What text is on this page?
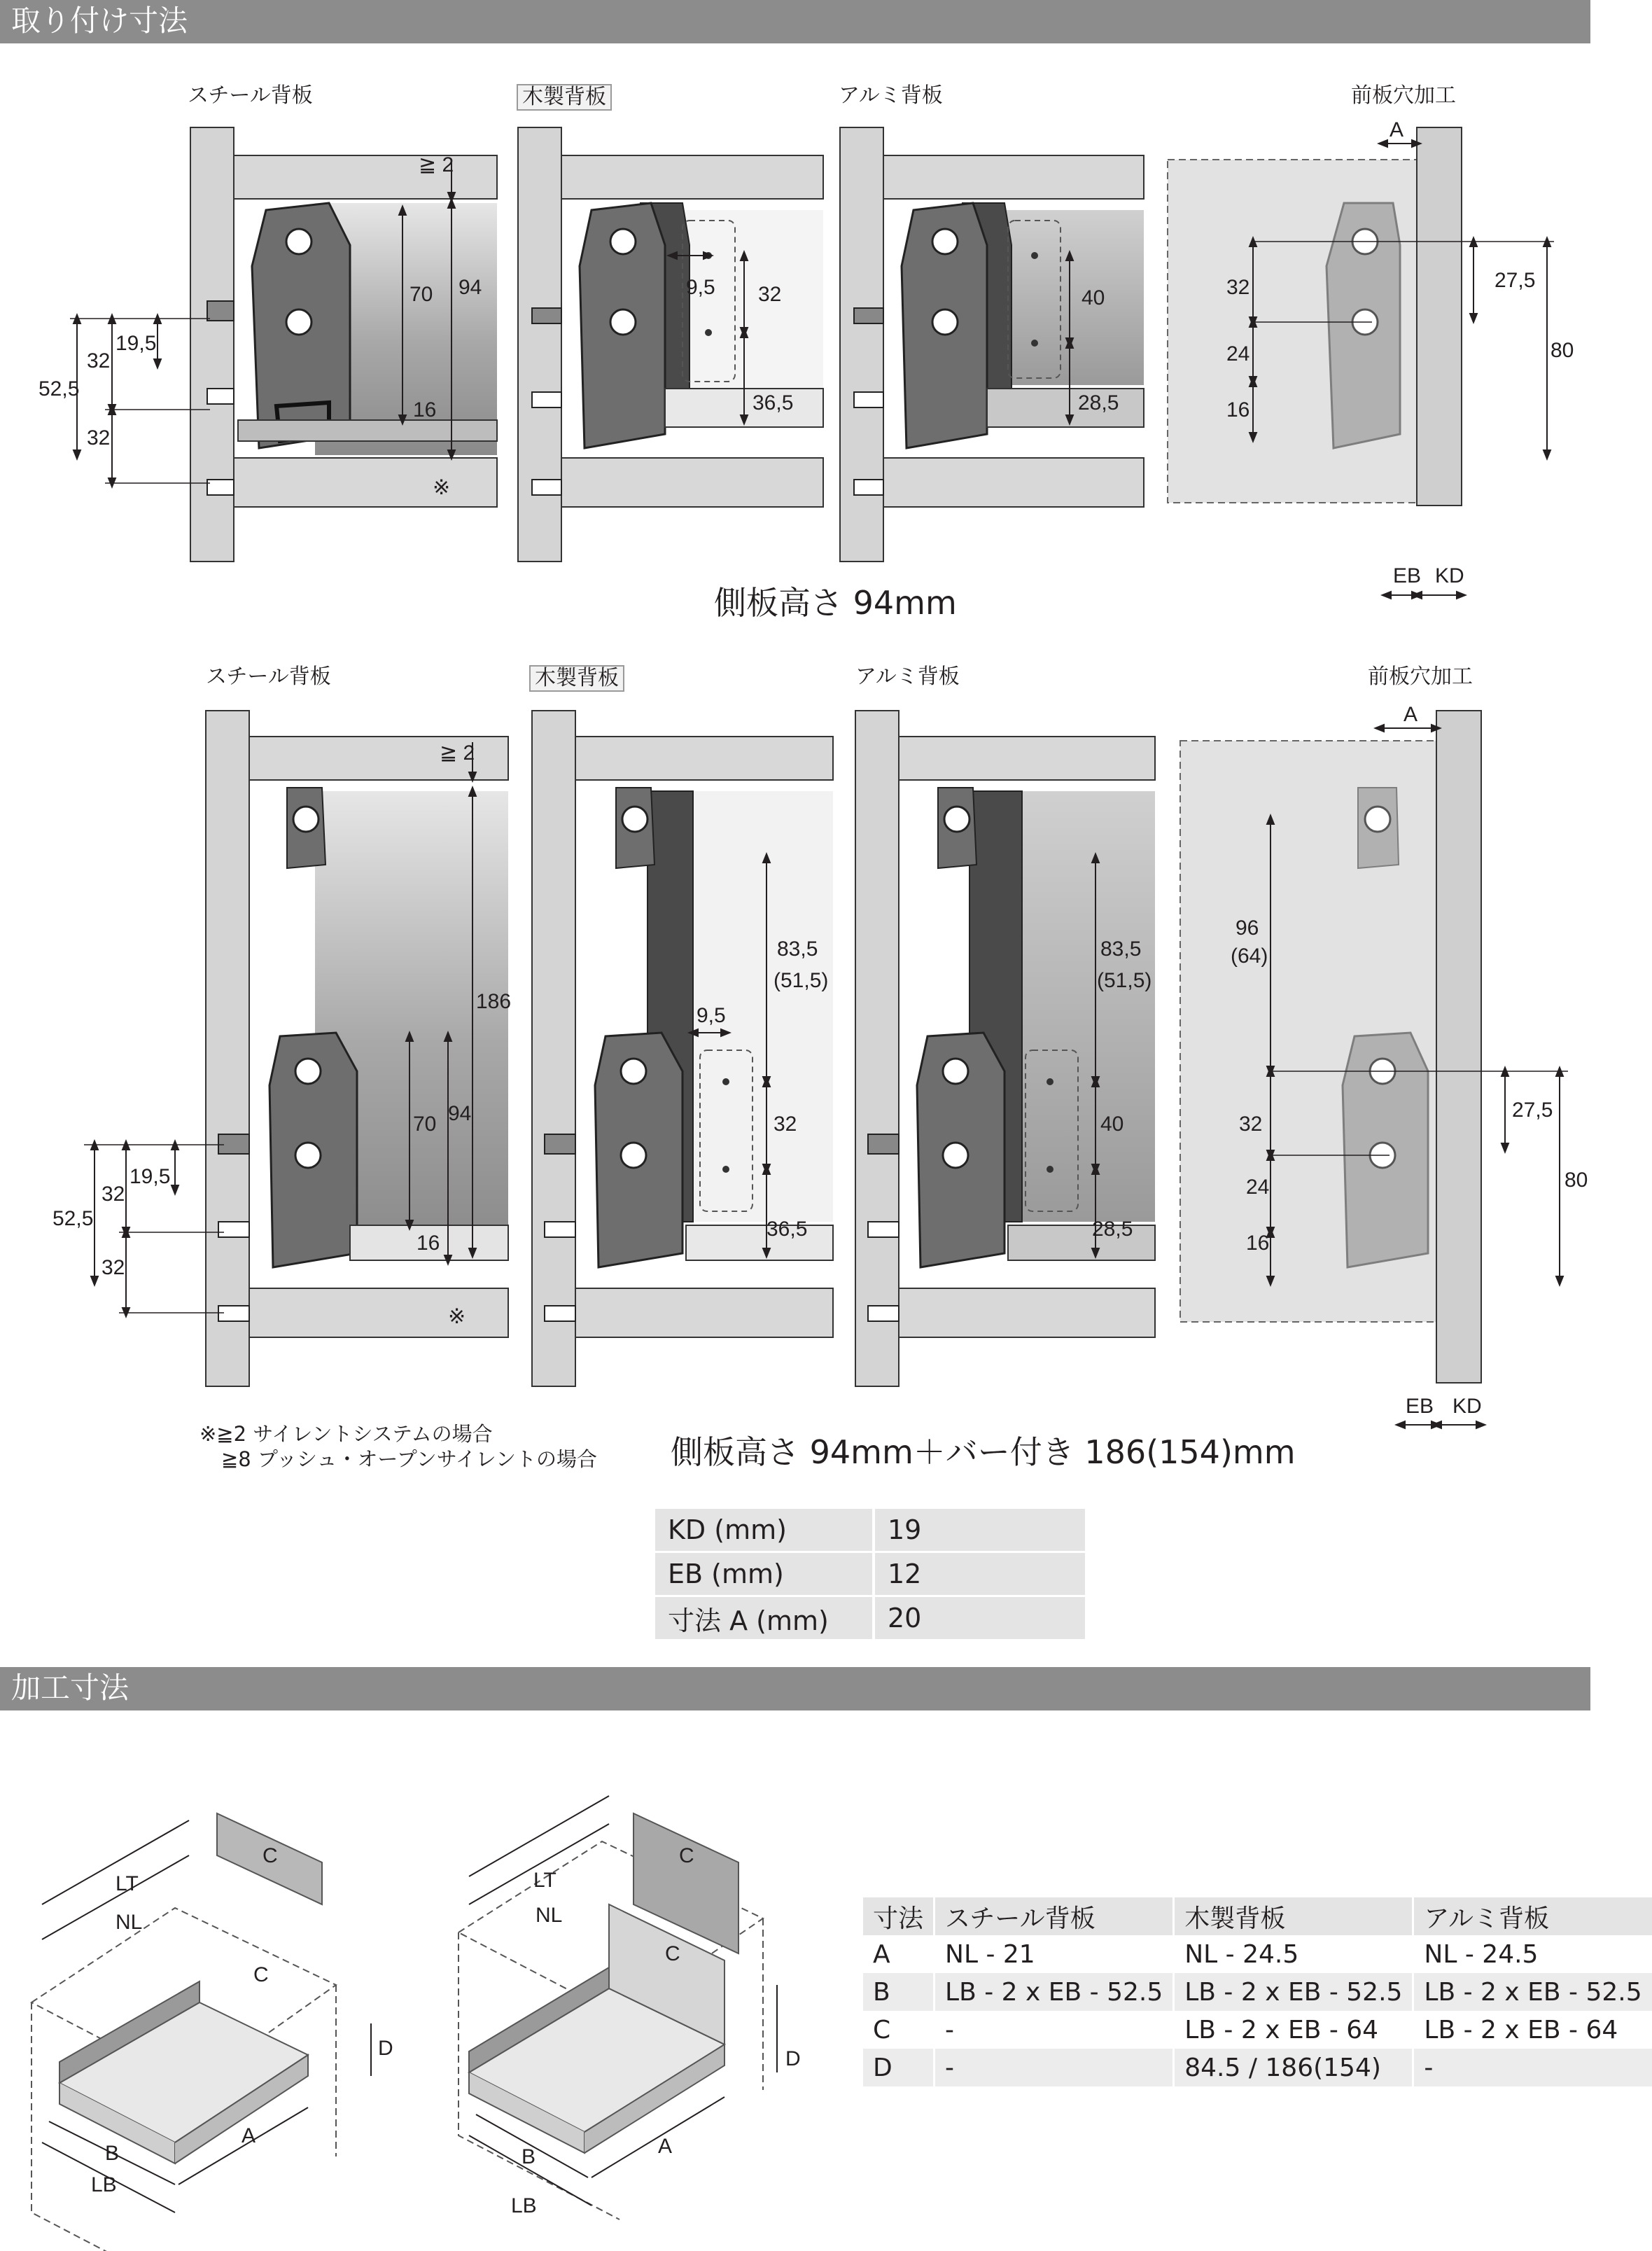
取り付け寸法
加工寸法
スチール背板	木製背板	アルミ背板	前板穴加工
スチール背板	木製背板	アルミ背板	前板穴加工
≧ 2
70 94
16
19,5
32
52,5
32
※
9,5 32
36,5
40
28,5
A
32
24
16
27,5
80
EB KD
≧ 2
186
70 94
16
19,5
32
52,5
32
※
83,5
(51,5)
9,5
32
36,5
83,5
(51,5)
40
28,5
A
96
(64)
32
24
16
27,5
80
EB KD
LT
NL
C
C
D
B
A
LB
LT
NL
C
C
D
B	A
LB
側板高さ 94mm
側板高さ 94mm＋バー付き 186(154)mm
※≧2 サイレントシステムの場合
≧8 プッシュ・オープンサイレントの場合
KD (mm)	19
EB (mm)	12
寸法 A (mm)	20
寸法	スチール背板	木製背板	アルミ背板
A	NL - 21	NL - 24.5	NL - 24.5
B	LB - 2 x EB - 52.5	LB - 2 x EB - 52.5	LB - 2 x EB - 52.5
C	-	LB - 2 x EB - 64	LB - 2 x EB - 64
D	-	84.5 / 186(154)	-
